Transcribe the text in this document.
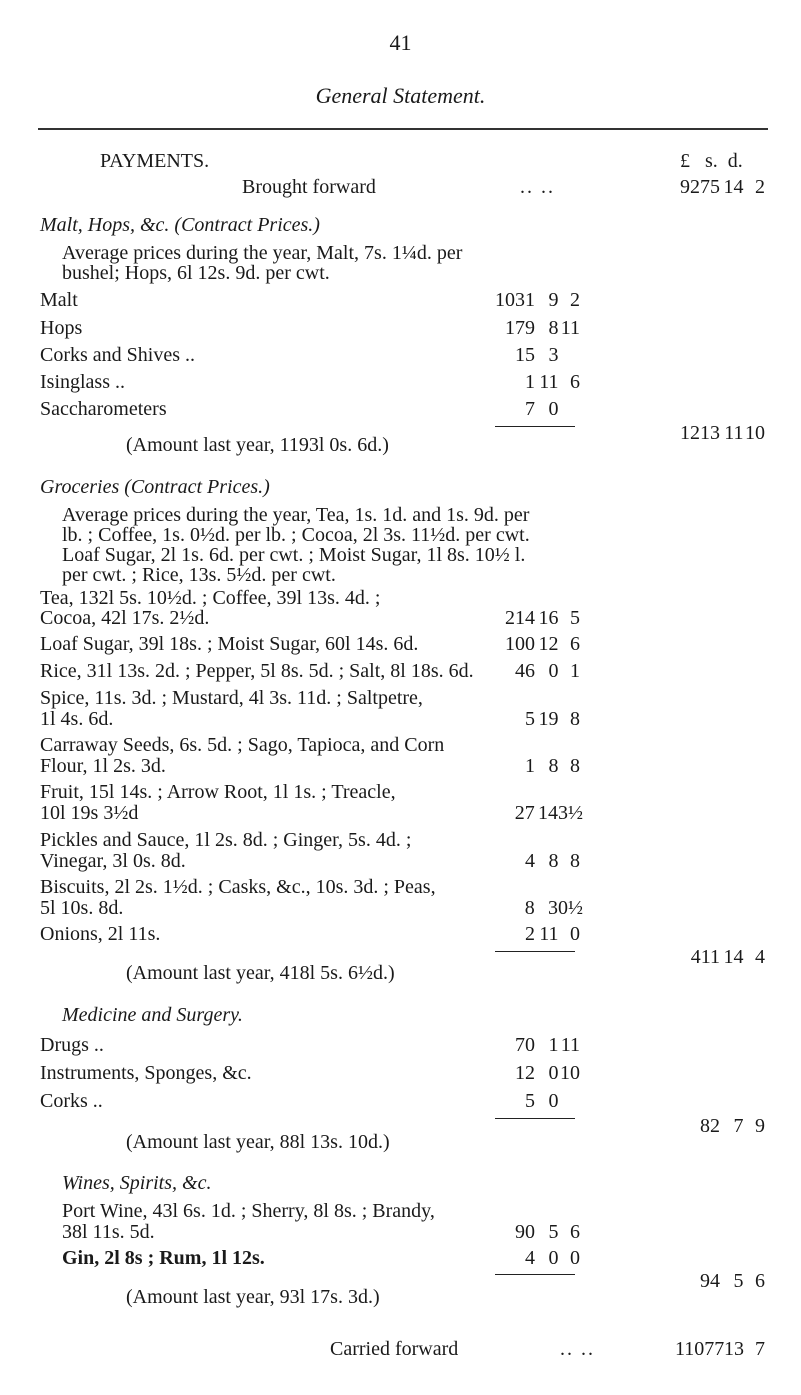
41
General Statement.
PAYMENTS.	£   s.  d.
Brought forward	.. ..	9275 14 2
Malt, Hops, &c. (Contract Prices.)
Average prices during the year, Malt, 7s. 1¼d. per
bushel; Hops, 6l 12s. 9d. per cwt.
Malt	1031 9 2
Hops	179 8 11
Corks and Shives ..	15 3
Isinglass ..	1 11 6
Saccharometers	7 0
1213 11 10
(Amount last year, 1193l 0s. 6d.)
Groceries (Contract Prices.)
Average prices during the year, Tea, 1s. 1d. and 1s. 9d. per
lb. ; Coffee, 1s. 0½d. per lb. ; Cocoa, 2l 3s. 11½d. per cwt.
Loaf Sugar, 2l 1s. 6d. per cwt. ; Moist Sugar, 1l 8s. 10½ l.
per cwt. ; Rice, 13s. 5½d. per cwt.
Tea, 132l 5s. 10½d. ; Coffee, 39l 13s. 4d. ;
Cocoa, 42l 17s. 2½d.	214 16 5
Loaf Sugar, 39l 18s. ; Moist Sugar, 60l 14s. 6d.	100 12 6
Rice, 31l 13s. 2d. ; Pepper, 5l 8s. 5d. ; Salt, 8l 18s. 6d.	46 0 1
Spice, 11s. 3d. ; Mustard, 4l 3s. 11d. ; Saltpetre,
1l 4s. 6d.	5 19 8
Carraway Seeds, 6s. 5d. ; Sago, Tapioca, and Corn
Flour, 1l 2s. 3d.	1 8 8
Fruit, 15l 14s. ; Arrow Root, 1l 1s. ; Treacle,
10l 19s 3½d	27 14 3½
Pickles and Sauce, 1l 2s. 8d. ; Ginger, 5s. 4d. ;
Vinegar, 3l 0s. 8d.	4 8 8
Biscuits, 2l 2s. 1½d. ; Casks, &c., 10s. 3d. ; Peas,
5l 10s. 8d.	8 3 0½
Onions, 2l 11s.	2 11 0
411 14 4
(Amount last year, 418l 5s. 6½d.)
Medicine and Surgery.
Drugs ..	70 1 11
Instruments, Sponges, &c.	12 0 10
Corks ..	5 0
82 7 9
(Amount last year, 88l 13s. 10d.)
Wines, Spirits, &c.
Port Wine, 43l 6s. 1d. ; Sherry, 8l 8s. ; Brandy,
38l 11s. 5d.	90 5 6
Gin, 2l 8s ; Rum, 1l 12s.	4 0 0
94 5 6
(Amount last year, 93l 17s. 3d.)
Carried forward	.. ..	11077 13 7
